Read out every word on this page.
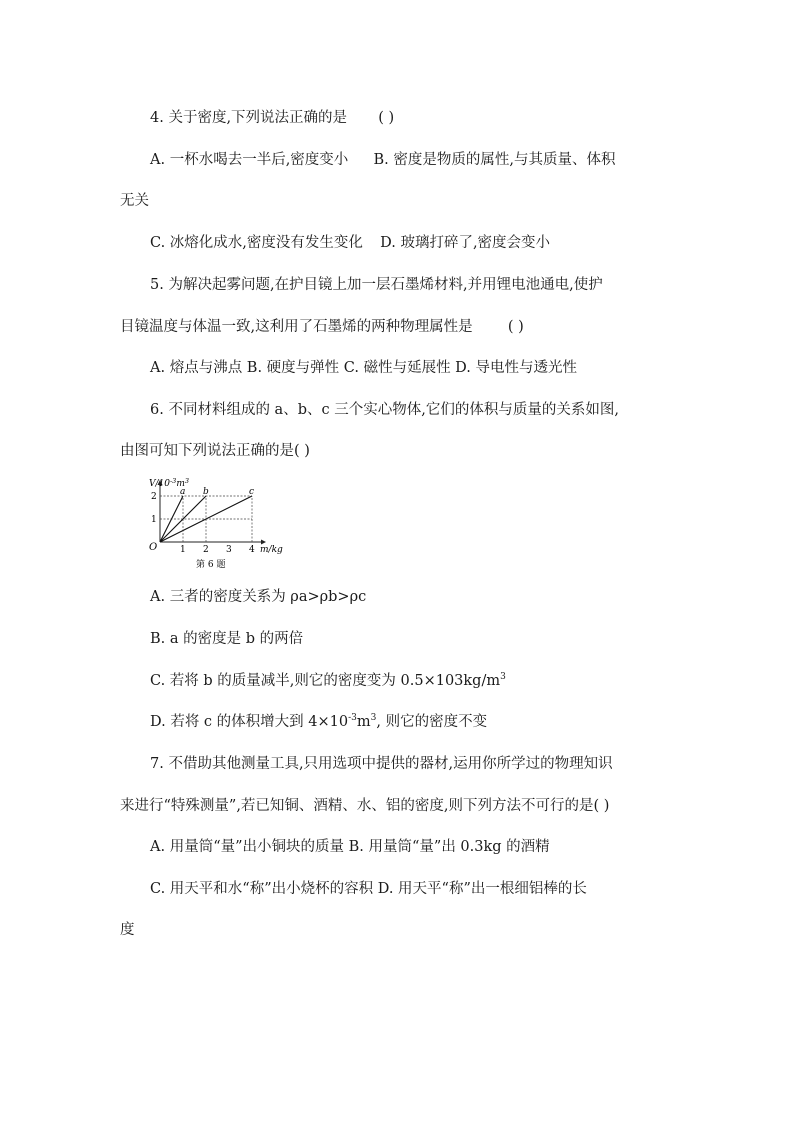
4. 关于密度,下列说法正确的是 ( )
A. 一杯水喝去一半后,密度变小 B. 密度是物质的属性,与其质量、体积
无关
C. 冰熔化成水,密度没有发生变化 D. 玻璃打碎了,密度会变小
5. 为解决起雾问题,在护目镜上加一层石墨烯材料,并用锂电池通电,使护
目镜温度与体温一致,这利用了石墨烯的两种物理属性是 ( )
A. 熔点与沸点 B. 硬度与弹性 C. 磁性与延展性 D. 导电性与透光性
6. 不同材料组成的 a、b、c 三个实心物体,它们的体积与质量的关系如图,
由图可知下列说法正确的是( )
1 2 3 4
1
2	a b	c
$V/10^{-3}m^3$
m/kg
O
第 6 题
A. 三者的密度关系为 ρa>ρb>ρc
B. a 的密度是 b 的两倍
C. 若将 b 的质量减半,则它的密度变为 $0.5\times 103kg/m^3$
D. 若将 c 的体积增大到 $4\times 10^{-3}m^3$, 则它的密度不变
7. 不借助其他测量工具,只用选项中提供的器材,运用你所学过的物理知识
来进行“特殊测量”,若已知铜、酒精、水、铝的密度,则下列方法不可行的是( )
A. 用量筒“量”出小铜块的质量 B. 用量筒“量”出 0.3kg 的酒精
C. 用天平和水“称”出小烧杯的容积 D. 用天平“称”出一根细铝棒的长
度
